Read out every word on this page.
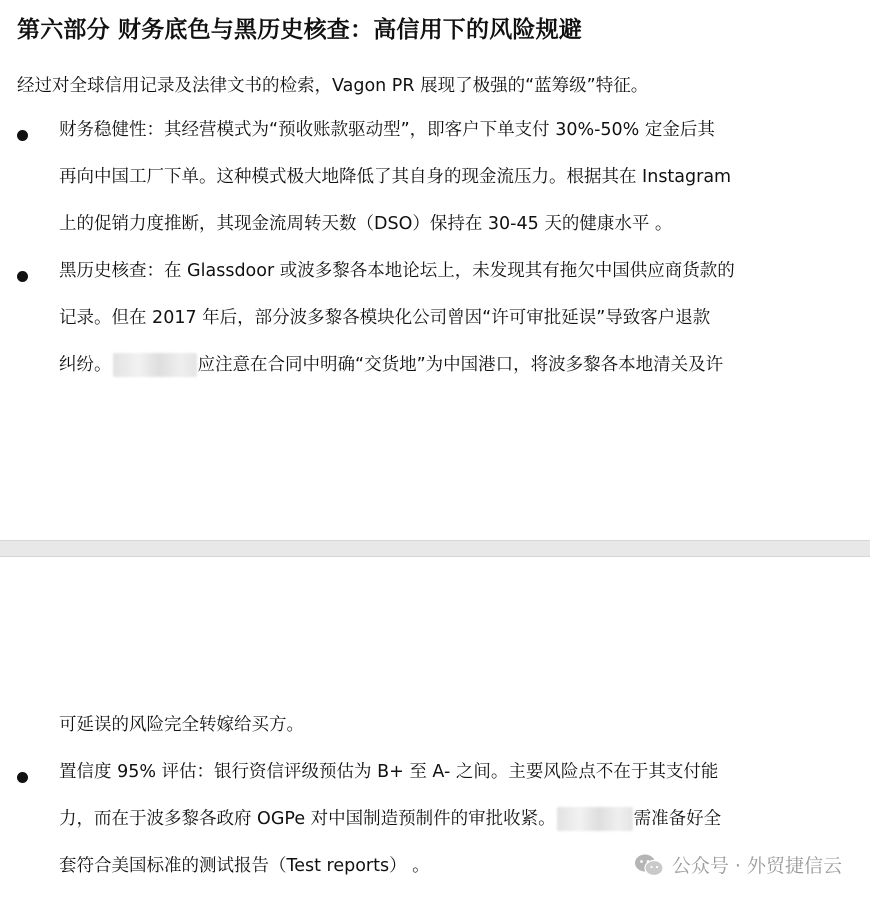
第六部分 财务底色与黑历史核查：高信用下的风险规避

经过对全球信用记录及法律文书的检索，Vagon PR 展现了极强的“蓝筹级”特征。

财务稳健性：其经营模式为“预收账款驱动型”，即客户下单支付 30%-50% 定金后其

再向中国工厂下单。这种模式极大地降低了其自身的现金流压力。根据其在 Instagram

上的促销力度推断，其现金流周转天数（DSO）保持在 30-45 天的健康水平 。

黑历史核查：在 Glassdoor 或波多黎各本地论坛上，未发现其有拖欠中国供应商货款的

记录。但在 2017 年后，部分波多黎各模块化公司曾因“许可审批延误”导致客户退款

纠纷。	应注意在合同中明确“交货地”为中国港口，将波多黎各本地清关及许

可延误的风险完全转嫁给买方。

置信度 95% 评估：银行资信评级预估为 B+ 至 A- 之间。主要风险点不在于其支付能

力，而在于波多黎各政府 OGPe 对中国制造预制件的审批收紧。	需准备好全

套符合美国标准的测试报告（Test reports） 。	公众号 · 外贸捷信云
